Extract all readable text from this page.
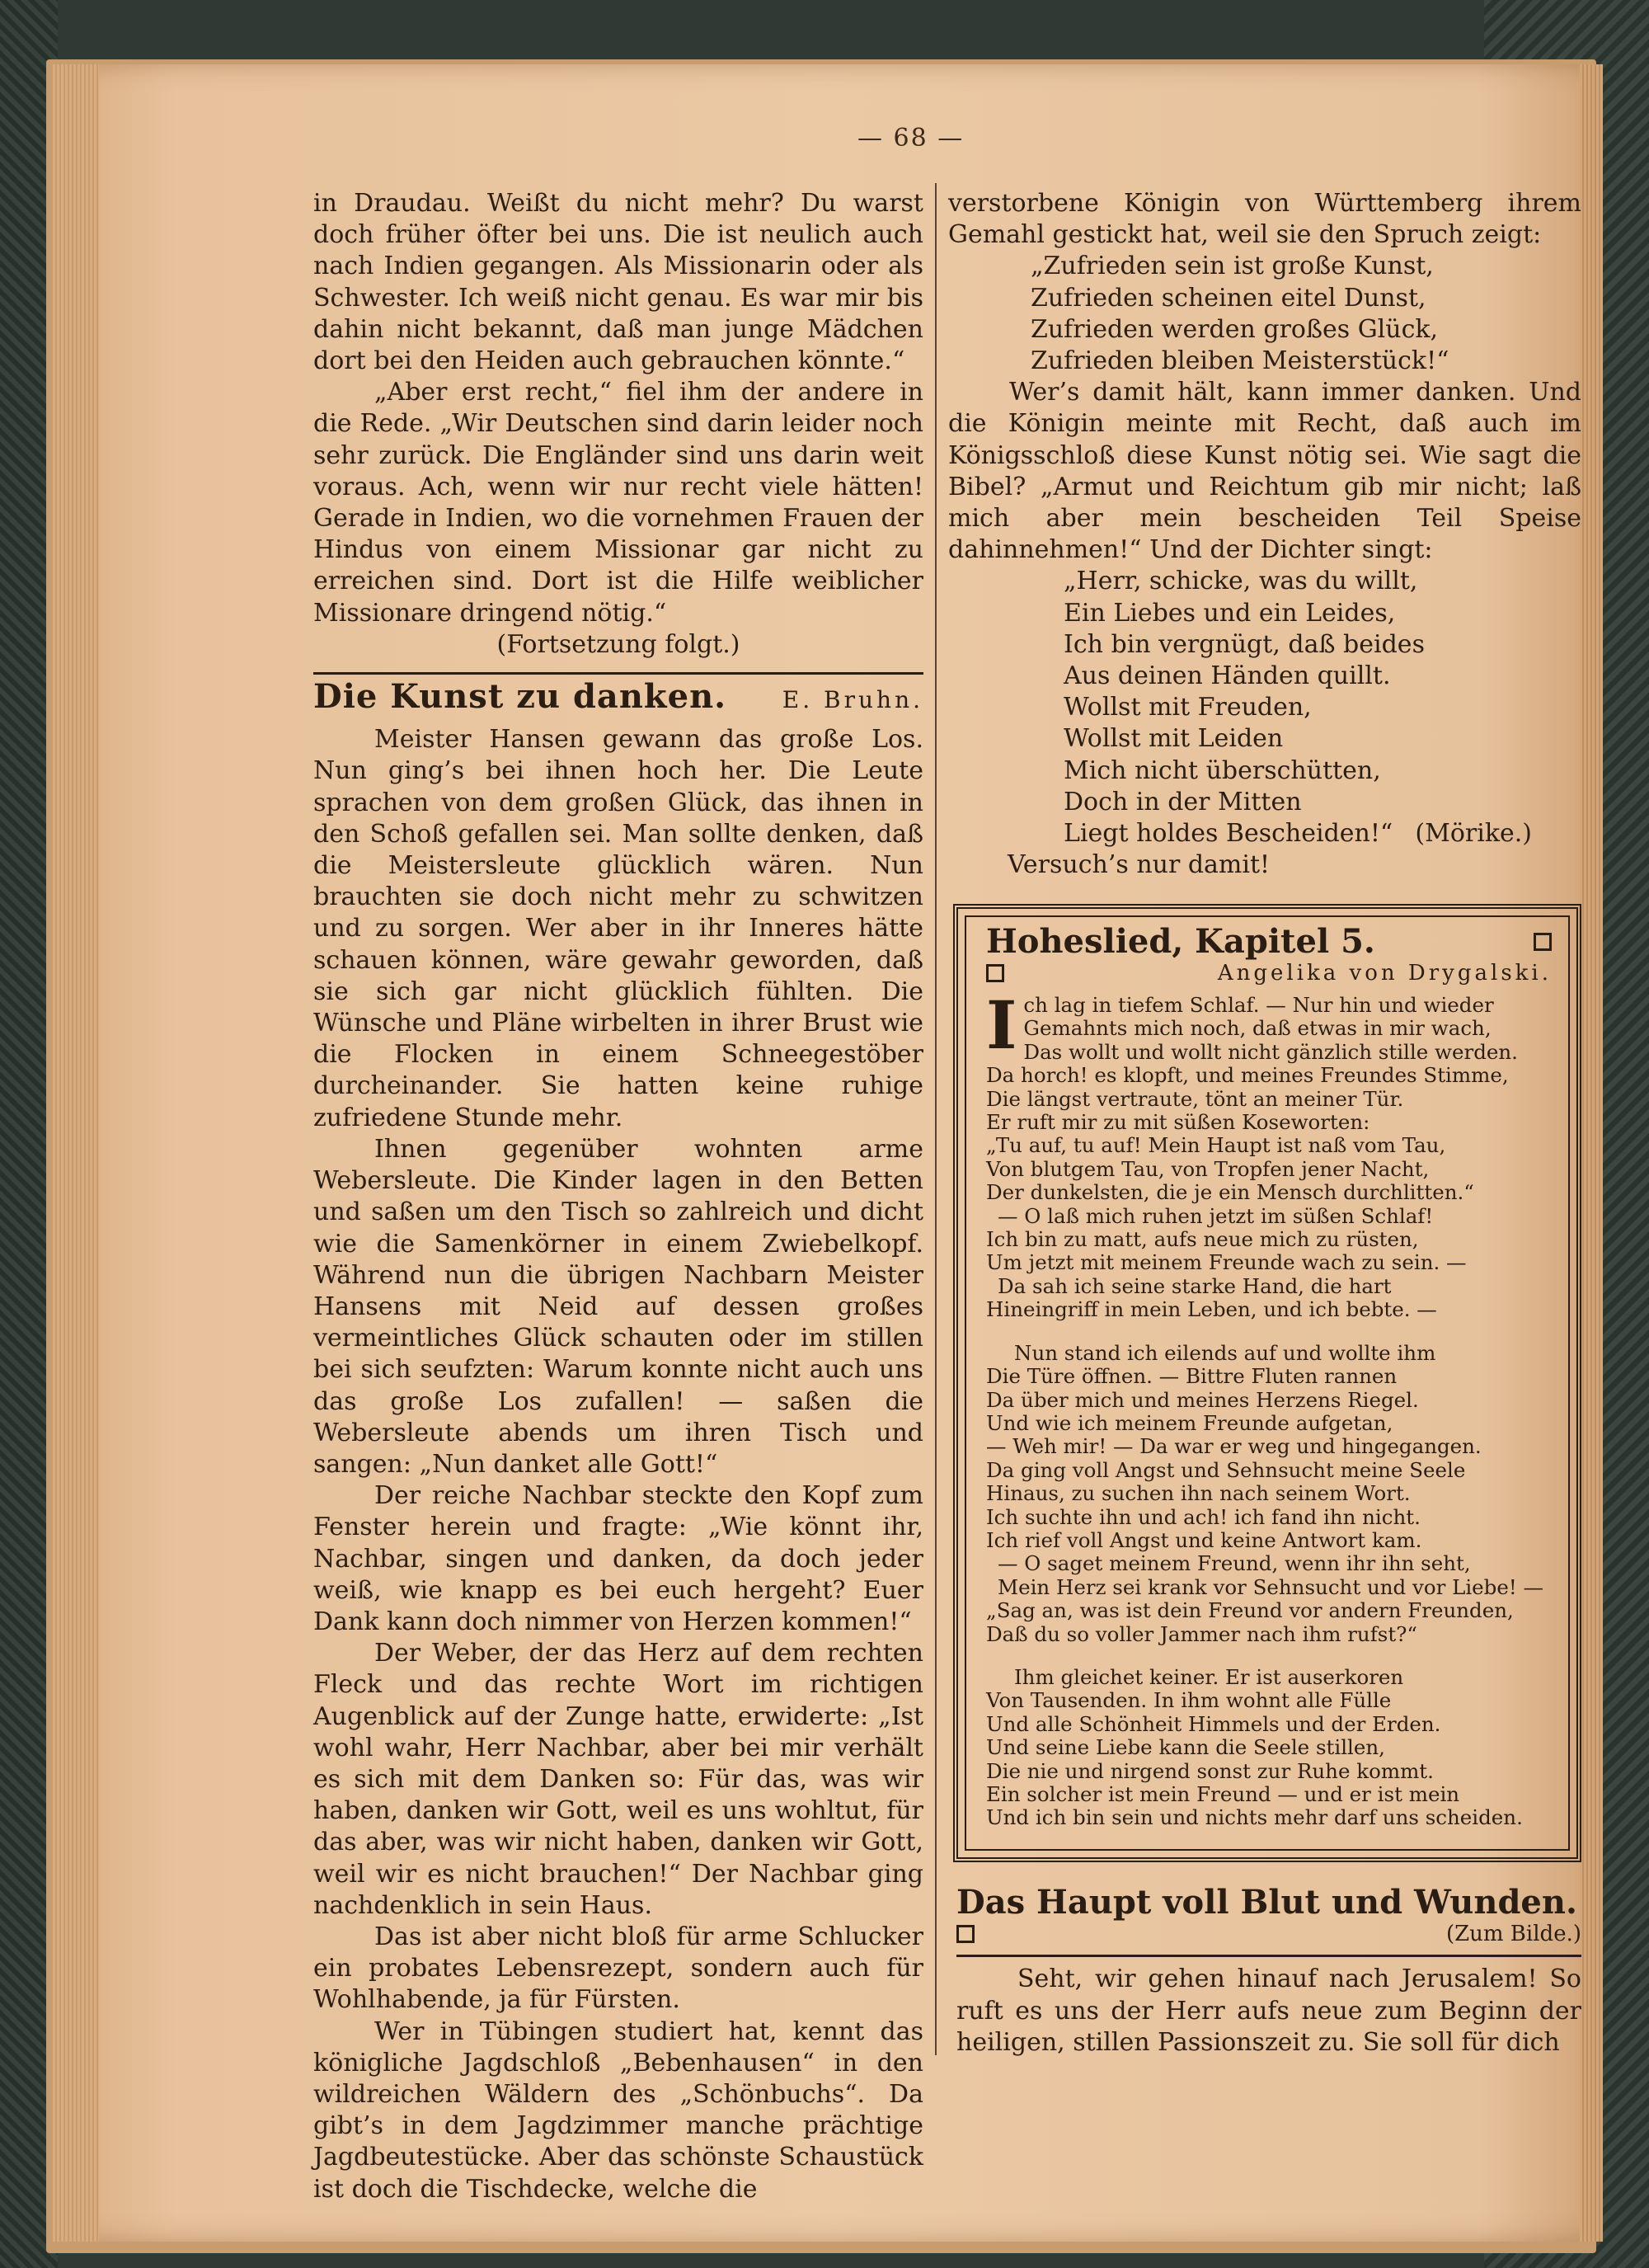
— 68 —

in Draudau. Weißt du nicht mehr? Du warst doch früher öfter bei uns. Die ist neulich auch nach Indien gegangen. Als Missionarin oder als Schwester. Ich weiß nicht genau. Es war mir bis dahin nicht bekannt, daß man junge Mädchen dort bei den Heiden auch gebrauchen könnte.“

„Aber erst recht,“ fiel ihm der andere in die Rede. „Wir Deutschen sind darin leider noch sehr zurück. Die Engländer sind uns darin weit voraus. Ach, wenn wir nur recht viele hätten! Gerade in Indien, wo die vornehmen Frauen der Hindus von einem Missionar gar nicht zu erreichen sind. Dort ist die Hilfe weiblicher Missionare dringend nötig.“

(Fortsetzung folgt.)

Die Kunst zu danken. E. Bruhn.

Meister Hansen gewann das große Los. Nun ging’s bei ihnen hoch her. Die Leute sprachen von dem großen Glück, das ihnen in den Schoß gefallen sei. Man sollte denken, daß die Meistersleute glücklich wären. Nun brauchten sie doch nicht mehr zu schwitzen und zu sorgen. Wer aber in ihr Inneres hätte schauen können, wäre gewahr geworden, daß sie sich gar nicht glücklich fühlten. Die Wünsche und Pläne wirbelten in ihrer Brust wie die Flocken in einem Schneegestöber durcheinander. Sie hatten keine ruhige zufriedene Stunde mehr.

Ihnen gegenüber wohnten arme Webersleute. Die Kinder lagen in den Betten und saßen um den Tisch so zahlreich und dicht wie die Samenkörner in einem Zwiebelkopf. Während nun die übrigen Nachbarn Meister Hansens mit Neid auf dessen großes vermeintliches Glück schauten oder im stillen bei sich seufzten: Warum konnte nicht auch uns das große Los zufallen! — saßen die Webersleute abends um ihren Tisch und sangen: „Nun danket alle Gott!“

Der reiche Nachbar steckte den Kopf zum Fenster herein und fragte: „Wie könnt ihr, Nachbar, singen und danken, da doch jeder weiß, wie knapp es bei euch hergeht? Euer Dank kann doch nimmer von Herzen kommen!“

Der Weber, der das Herz auf dem rechten Fleck und das rechte Wort im richtigen Augenblick auf der Zunge hatte, erwiderte: „Ist wohl wahr, Herr Nachbar, aber bei mir verhält es sich mit dem Danken so: Für das, was wir haben, danken wir Gott, weil es uns wohltut, für das aber, was wir nicht haben, danken wir Gott, weil wir es nicht brauchen!“ Der Nachbar ging nachdenklich in sein Haus.

Das ist aber nicht bloß für arme Schlucker ein probates Lebensrezept, sondern auch für Wohlhabende, ja für Fürsten.

Wer in Tübingen studiert hat, kennt das königliche Jagdschloß „Bebenhausen“ in den wildreichen Wäldern des „Schönbuchs“. Da gibt’s in dem Jagdzimmer manche prächtige Jagdbeutestücke. Aber das schönste Schaustück ist doch die Tischdecke, welche die

verstorbene Königin von Württemberg ihrem Gemahl gestickt hat, weil sie den Spruch zeigt:

„Zufrieden sein ist große Kunst,
Zufrieden scheinen eitel Dunst,
Zufrieden werden großes Glück,
Zufrieden bleiben Meisterstück!“

Wer’s damit hält, kann immer danken. Und die Königin meinte mit Recht, daß auch im Königsschloß diese Kunst nötig sei. Wie sagt die Bibel? „Armut und Reichtum gib mir nicht; laß mich aber mein bescheiden Teil Speise dahinnehmen!“ Und der Dichter singt:

„Herr, schicke, was du willt,
Ein Liebes und ein Leides,
Ich bin vergnügt, daß beides
Aus deinen Händen quillt.
Wollst mit Freuden,
Wollst mit Leiden
Mich nicht überschütten,
Doch in der Mitten
Liegt holdes Bescheiden!“ (Mörike.)

Versuch’s nur damit!

Hoheslied, Kapitel 5.
Angelika von Drygalski.
I ch lag in tiefem Schlaf. — Nur hin und wieder
Gemahnts mich noch, daß etwas in mir wach,
Das wollt und wollt nicht gänzlich stille werden.
Da horch! es klopft, und meines Freundes Stimme,
Die längst vertraute, tönt an meiner Tür.
Er ruft mir zu mit süßen Koseworten:
„Tu auf, tu auf! Mein Haupt ist naß vom Tau,
Von blutgem Tau, von Tropfen jener Nacht,
Der dunkelsten, die je ein Mensch durchlitten.“
— O laß mich ruhen jetzt im süßen Schlaf!
Ich bin zu matt, aufs neue mich zu rüsten,
Um jetzt mit meinem Freunde wach zu sein. —
Da sah ich seine starke Hand, die hart
Hineingriff in mein Leben, und ich bebte. —
Nun stand ich eilends auf und wollte ihm
Die Türe öffnen. — Bittre Fluten rannen
Da über mich und meines Herzens Riegel.
Und wie ich meinem Freunde aufgetan,
— Weh mir! — Da war er weg und hingegangen.
Da ging voll Angst und Sehnsucht meine Seele
Hinaus, zu suchen ihn nach seinem Wort.
Ich suchte ihn und ach! ich fand ihn nicht.
Ich rief voll Angst und keine Antwort kam.
— O saget meinem Freund, wenn ihr ihn seht,
Mein Herz sei krank vor Sehnsucht und vor Liebe! —
„Sag an, was ist dein Freund vor andern Freunden,
Daß du so voller Jammer nach ihm rufst?“
Ihm gleichet keiner. Er ist auserkoren
Von Tausenden. In ihm wohnt alle Fülle
Und alle Schönheit Himmels und der Erden.
Und seine Liebe kann die Seele stillen,
Die nie und nirgend sonst zur Ruhe kommt.
Ein solcher ist mein Freund — und er ist mein
Und ich bin sein und nichts mehr darf uns scheiden.
Das Haupt voll Blut und Wunden.
(Zum Bilde.)

Seht, wir gehen hinauf nach Jerusalem! So ruft es uns der Herr aufs neue zum Beginn der heiligen, stillen Passionszeit zu. Sie soll für dich
